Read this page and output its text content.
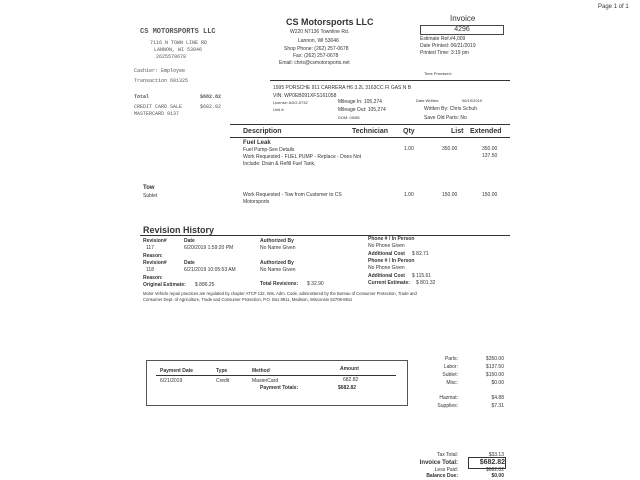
Page 1 of 1
CS MOTORSPORTS LLC
7116 N TOWN LINE RD
LANNON, WI 53046
2625570678
Cashier: Employee
Transaction 601325
Total	$682.82
CREDIT CARD SALE	$682.82
MASTERCARD 9137
CS Motorsports LLC
W220 N7136 Townline Rd.
Lannon, WI 53046
Shop Phone: (262) 257-0678
Fax: (262) 257-0678
Email: chris@csmotorsports.net
Invoice
4296
Estimate Ref.#4,009
Date Printed: 06/21/2019
Printed Time: 3:19 pm
Time Promised:
1995 PORSCHE 911 CARRERA H6 3.2L 3163CC FI GAS N B
VIN: WP0EB091XFS161058
License: ADG-9732
Unit #:
Mileage In: 105,274
Mileage Out: 105,274
DOM: 09/85
Date Written:	06/19/2019
Written By: Chris Schuh
Save Old Parts: No
Description	Technician Qty	List Extended
Fuel Leak
Fuel Pump-See Details
Work Requested - FUEL PUMP - Replace - Does Not
Include: Drain & Refill Fuel Tank,
1.00	350.00	350.00
137.50
Tow
Sublet	Work Requested - Tow from Customer to CS
Motorsports
1.00	150.00	150.00
Revision History
Revision#	Date	Authorized By	Phone # / In Person
117	6/20/2019 1:59:20 PM	No Name Given	No Phone Given
Reason:	Additional Cost $ 82.71
Revision#	Date	Authorized By	Phone # / In Person
118	6/21/2019 10:05:53 AM	No Name Given	No Phone Given
Reason:	Additional Cost $ 115.61
Original Estimate: $ 886.25	Total Revisions: $ 32.90	Current Estimate: $ 801.32
Motor Vehicle repair practices are regulated by chapter ATCP 132, Wis. Adm. Code, administered by the Bureau of Consumer Protection, Trade and
Consumer Dept. of Agriculture, Trade and Consumer Protection, P.O. Box 8911, Madison, Wisconsin 53708-8911
Payment Date	Type	Method	Amount
6/21/2019	Credit	MasterCard	682.82
Payment Totals:	$682.82
Parts:	$350.00
Labor:	$137.50
Sublet:	$150.00
Misc:	$0.00
Hazmat:	$4.88
Supplies:	$7.31
Tax Total:	$33.13
Invoice Total:	$682.82
Less Paid:	$682.82
Balance Due:	$0.00
